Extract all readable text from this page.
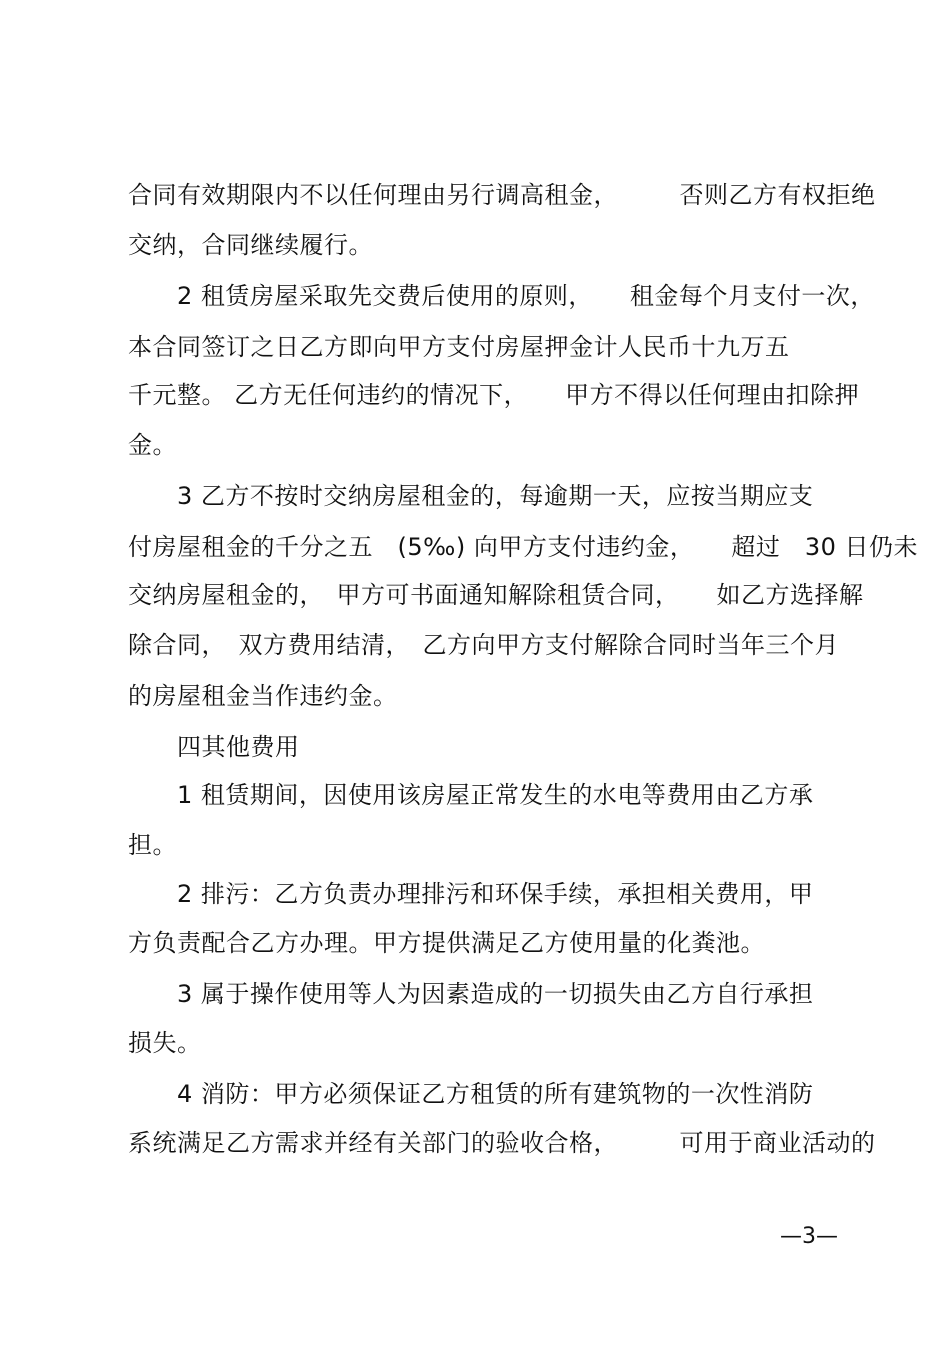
合同有效期限内不以任何理由另行调高租金，　　　否则乙方有权拒绝
交纳，合同继续履行。
　　2 租赁房屋采取先交费后使用的原则，　　租金每个月支付一次，
本合同签订之日乙方即向甲方支付房屋押金计人民币十九万五
千元整。 乙方无任何违约的情况下，　　甲方不得以任何理由扣除押
金。
　　3 乙方不按时交纳房屋租金的，每逾期一天，应按当期应支
付房屋租金的千分之五　(5‰) 向甲方支付违约金，　　超过　30 日仍未
交纳房屋租金的，　甲方可书面通知解除租赁合同，　　如乙方选择解
除合同，　双方费用结清，　乙方向甲方支付解除合同时当年三个月
的房屋租金当作违约金。
　　四其他费用
　　1 租赁期间，因使用该房屋正常发生的水电等费用由乙方承
担。
　　2 排污：乙方负责办理排污和环保手续，承担相关费用，甲
方负责配合乙方办理。甲方提供满足乙方使用量的化粪池。
　　3 属于操作使用等人为因素造成的一切损失由乙方自行承担
损失。
　　4 消防：甲方必须保证乙方租赁的所有建筑物的一次性消防
系统满足乙方需求并经有关部门的验收合格，　　　可用于商业活动的
—3—
